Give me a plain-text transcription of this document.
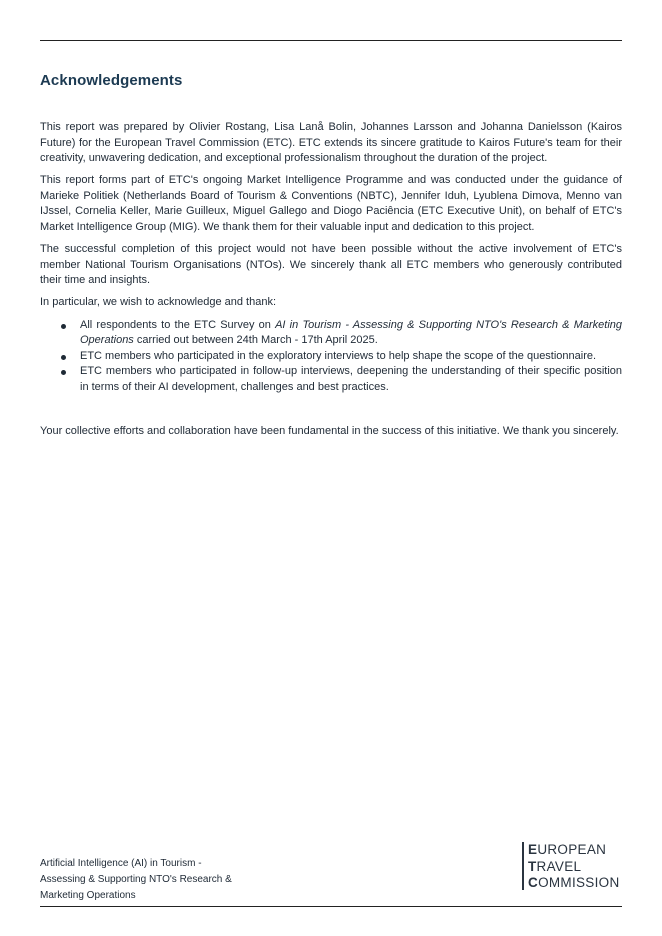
Acknowledgements

This report was prepared by Olivier Rostang, Lisa Lanå Bolin, Johannes Larsson and Johanna Danielsson (Kairos Future) for the European Travel Commission (ETC). ETC extends its sincere gratitude to Kairos Future's team for their creativity, unwavering dedication, and exceptional professionalism throughout the duration of the project.

This report forms part of ETC's ongoing Market Intelligence Programme and was conducted under the guidance of Marieke Politiek (Netherlands Board of Tourism & Conventions (NBTC), Jennifer Iduh, Lyublena Dimova, Menno van IJssel, Cornelia Keller, Marie Guilleux, Miguel Gallego and Diogo Paciência (ETC Executive Unit), on behalf of ETC's Market Intelligence Group (MIG). We thank them for their valuable input and dedication to this project.

The successful completion of this project would not have been possible without the active involvement of ETC's member National Tourism Organisations (NTOs). We sincerely thank all ETC members who generously contributed their time and insights.

In particular, we wish to acknowledge and thank:

All respondents to the ETC Survey on AI in Tourism - Assessing & Supporting NTO's Research & Marketing Operations carried out between 24th March - 17th April 2025.
ETC members who participated in the exploratory interviews to help shape the scope of the questionnaire.
ETC members who participated in follow-up interviews, deepening the understanding of their specific position in terms of their AI development, challenges and best practices.

Your collective efforts and collaboration have been fundamental in the success of this initiative. We thank you sincerely.

Artificial Intelligence (AI) in Tourism -
Assessing & Supporting NTO's Research &
Marketing Operations
EUROPEAN
TRAVEL
COMMISSION
